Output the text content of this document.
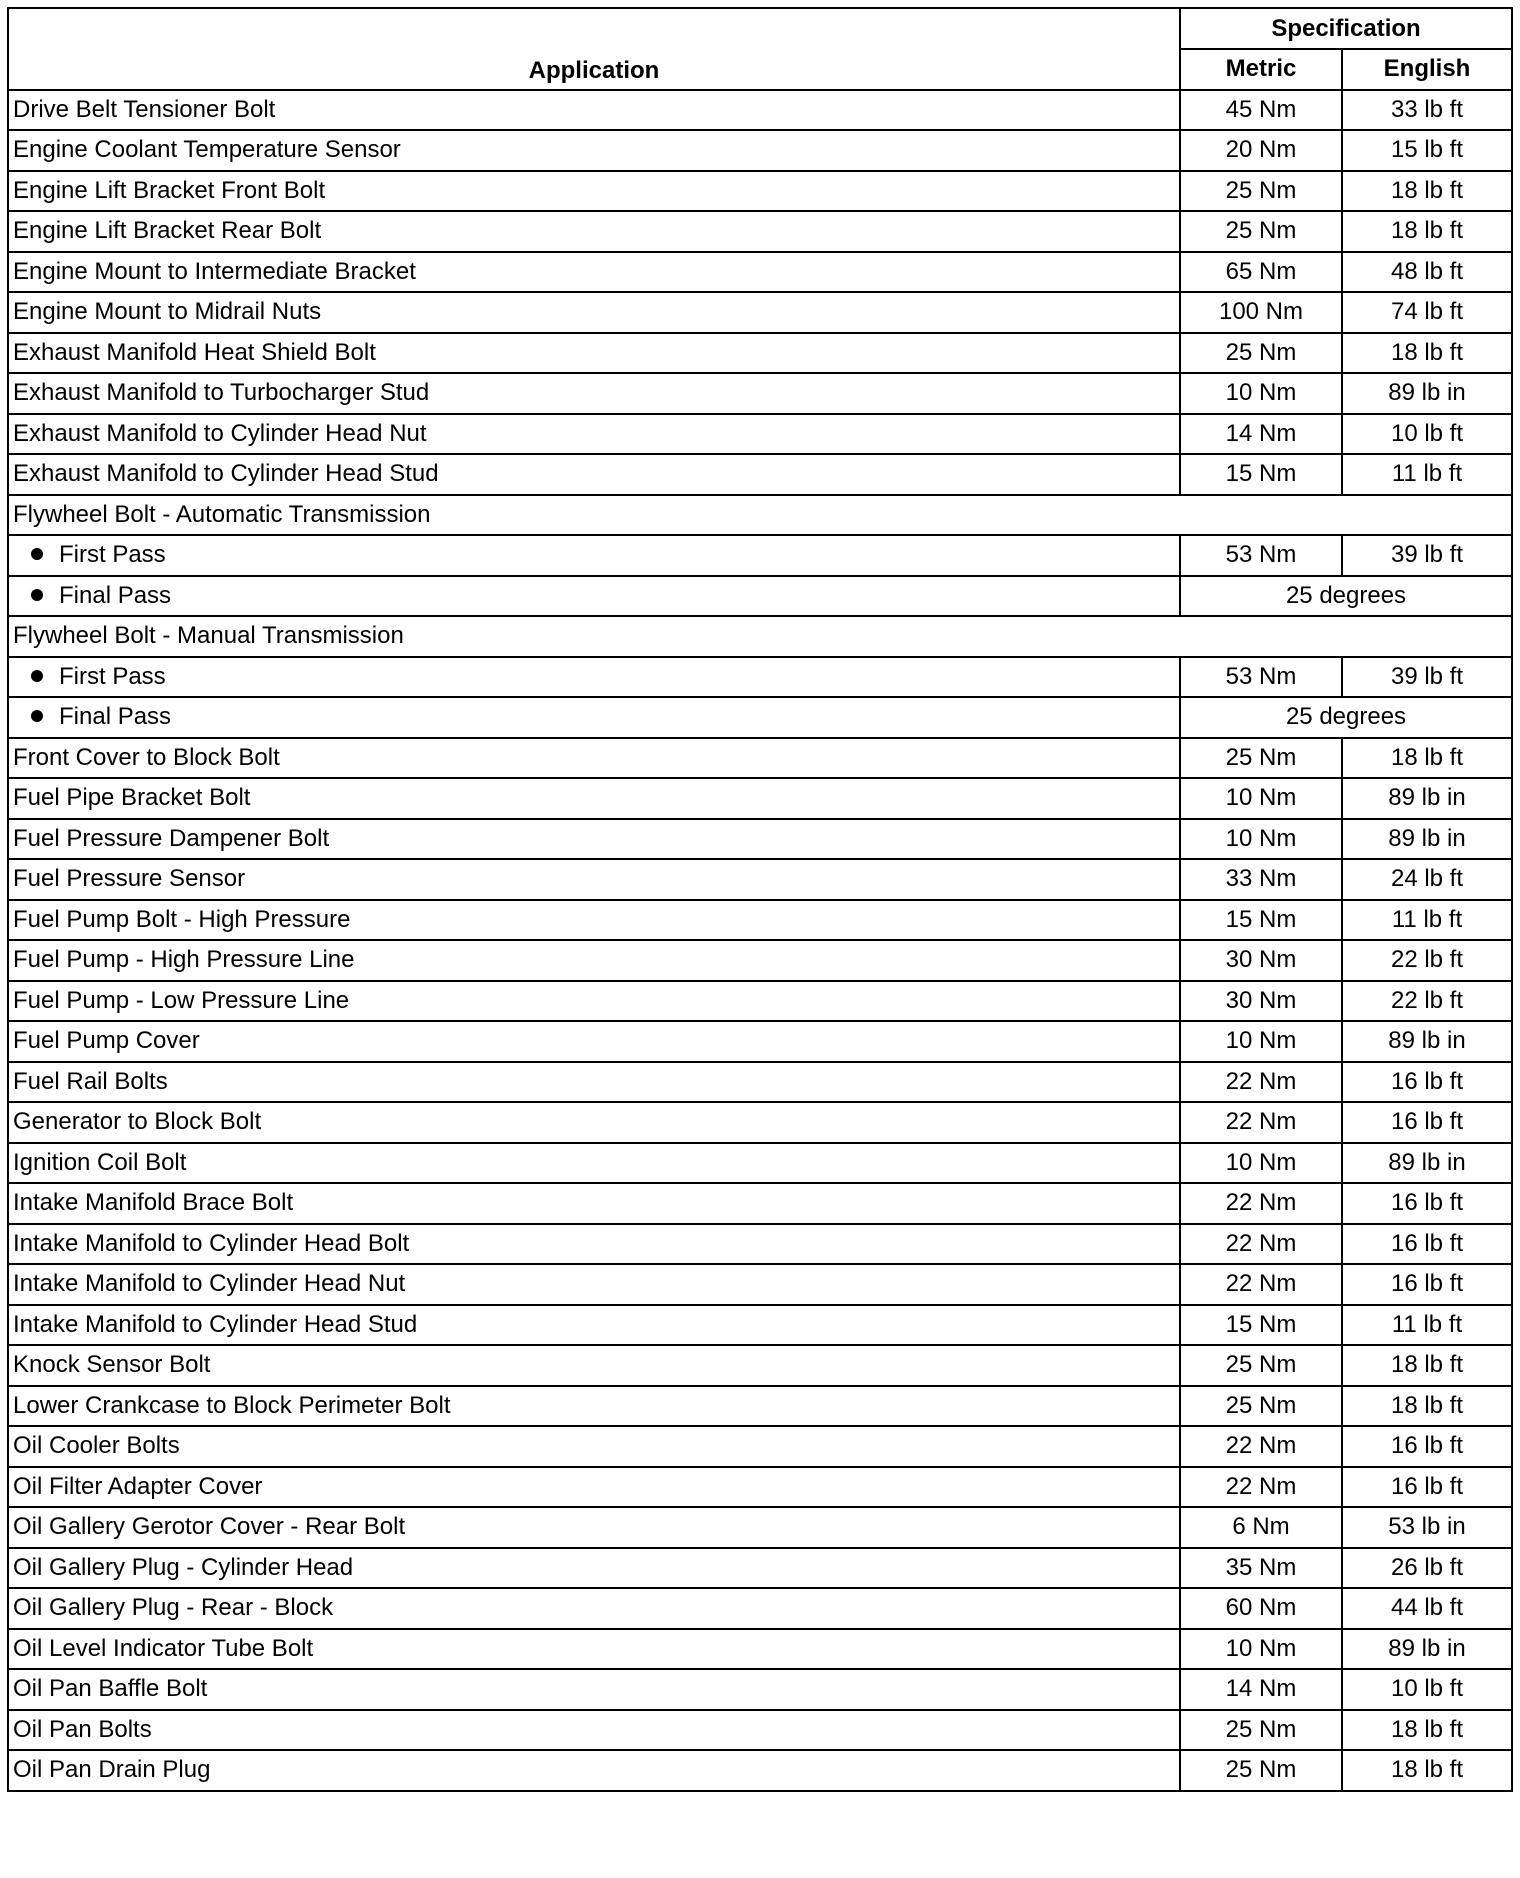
Application	Specification	
	Metric	English
Drive Belt Tensioner Bolt	45 Nm	33 lb ft
Engine Coolant Temperature Sensor	20 Nm	15 lb ft
Engine Lift Bracket Front Bolt	25 Nm	18 lb ft
Engine Lift Bracket Rear Bolt	25 Nm	18 lb ft
Engine Mount to Intermediate Bracket	65 Nm	48 lb ft
Engine Mount to Midrail Nuts	100 Nm	74 lb ft
Exhaust Manifold Heat Shield Bolt	25 Nm	18 lb ft
Exhaust Manifold to Turbocharger Stud	10 Nm	89 lb in
Exhaust Manifold to Cylinder Head Nut	14 Nm	10 lb ft
Exhaust Manifold to Cylinder Head Stud	15 Nm	11 lb ft
Flywheel Bolt - Automatic Transmission		
First Pass	53 Nm	39 lb ft
Final Pass	25 degrees	
Flywheel Bolt - Manual Transmission		
First Pass	53 Nm	39 lb ft
Final Pass	25 degrees	
Front Cover to Block Bolt	25 Nm	18 lb ft
Fuel Pipe Bracket Bolt	10 Nm	89 lb in
Fuel Pressure Dampener Bolt	10 Nm	89 lb in
Fuel Pressure Sensor	33 Nm	24 lb ft
Fuel Pump Bolt - High Pressure	15 Nm	11 lb ft
Fuel Pump - High Pressure Line	30 Nm	22 lb ft
Fuel Pump - Low Pressure Line	30 Nm	22 lb ft
Fuel Pump Cover	10 Nm	89 lb in
Fuel Rail Bolts	22 Nm	16 lb ft
Generator to Block Bolt	22 Nm	16 lb ft
Ignition Coil Bolt	10 Nm	89 lb in
Intake Manifold Brace Bolt	22 Nm	16 lb ft
Intake Manifold to Cylinder Head Bolt	22 Nm	16 lb ft
Intake Manifold to Cylinder Head Nut	22 Nm	16 lb ft
Intake Manifold to Cylinder Head Stud	15 Nm	11 lb ft
Knock Sensor Bolt	25 Nm	18 lb ft
Lower Crankcase to Block Perimeter Bolt	25 Nm	18 lb ft
Oil Cooler Bolts	22 Nm	16 lb ft
Oil Filter Adapter Cover	22 Nm	16 lb ft
Oil Gallery Gerotor Cover - Rear Bolt	6 Nm	53 lb in
Oil Gallery Plug - Cylinder Head	35 Nm	26 lb ft
Oil Gallery Plug - Rear - Block	60 Nm	44 lb ft
Oil Level Indicator Tube Bolt	10 Nm	89 lb in
Oil Pan Baffle Bolt	14 Nm	10 lb ft
Oil Pan Bolts	25 Nm	18 lb ft
Oil Pan Drain Plug	25 Nm	18 lb ft
